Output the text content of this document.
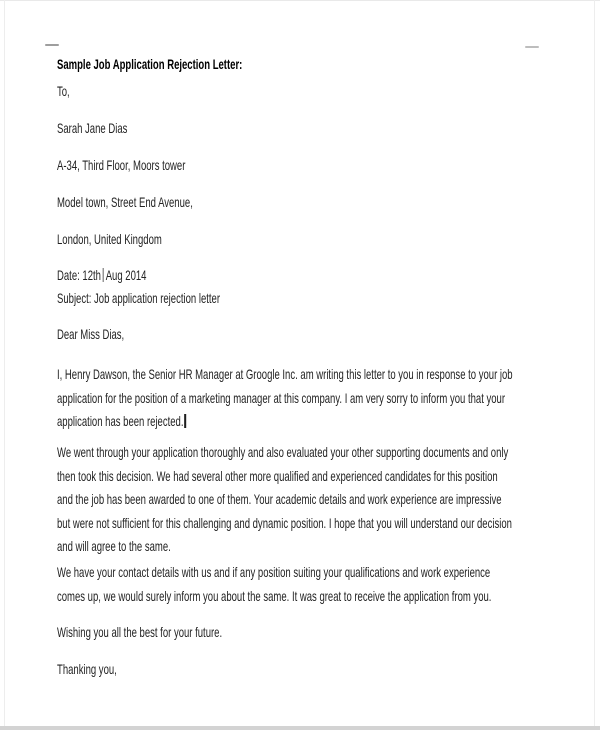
Sample Job Application Rejection Letter:
To,
Sarah Jane Dias
A-34, Third Floor, Moors tower
Model town, Street End Avenue,
London, United Kingdom
Date: 12th Aug 2014
Subject: Job application rejection letter
Dear Miss Dias,
I, Henry Dawson, the Senior HR Manager at Groogle Inc. am writing this letter to you in response to your job
application for the position of a marketing manager at this company. I am very sorry to inform you that your
application has been rejected.
We went through your application thoroughly and also evaluated your other supporting documents and only
then took this decision. We had several other more qualified and experienced candidates for this position
and the job has been awarded to one of them. Your academic details and work experience are impressive
but were not sufficient for this challenging and dynamic position. I hope that you will understand our decision
and will agree to the same.
We have your contact details with us and if any position suiting your qualifications and work experience
comes up, we would surely inform you about the same. It was great to receive the application from you.
Wishing you all the best for your future.
Thanking you,
